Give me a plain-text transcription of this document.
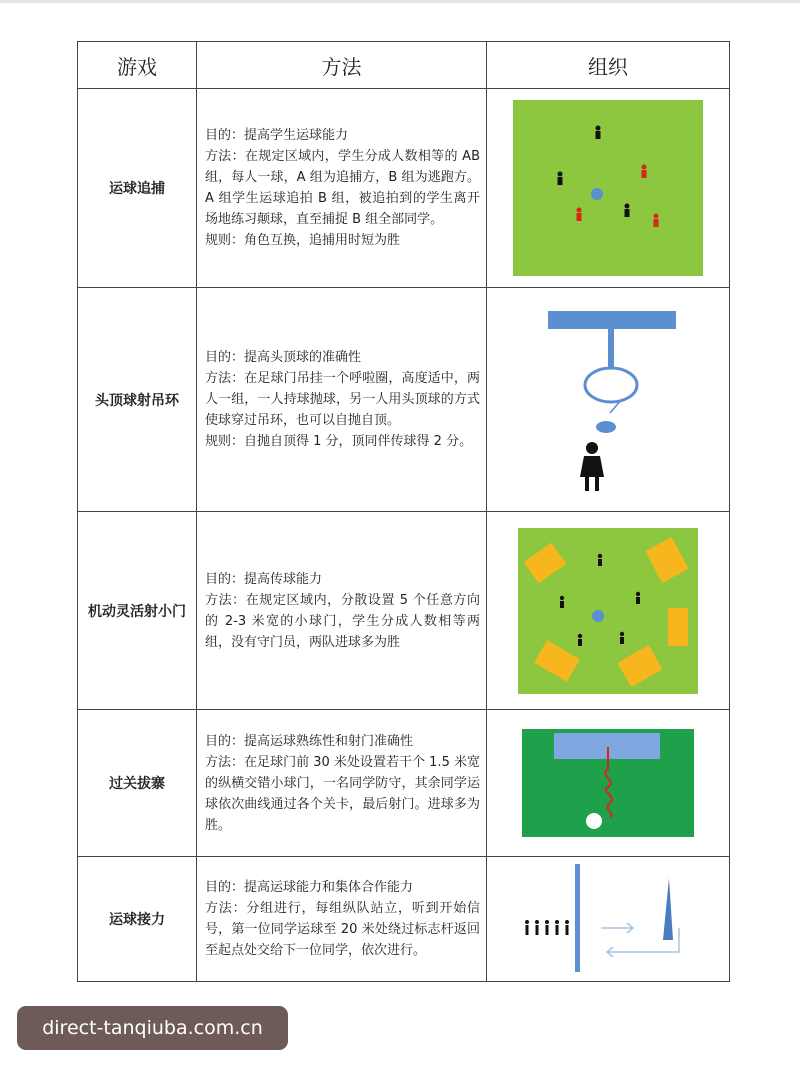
游戏	方法	组织
运球追捕	目的：提高学生运球能力

方法：在规定区域内，学生分成人数相等的 AB 组，每人一球，A 组为追捕方，B 组为逃跑方。A 组学生运球追拍 B 组，被追拍到的学生离开场地练习颠球，直至捕捉 B 组全部同学。

规则：角色互换，追捕用时短为胜

头顶球射吊环	目的：提高头顶球的准确性

方法：在足球门吊挂一个呼啦圈，高度适中，两人一组，一人持球抛球，另一人用头顶球的方式使球穿过吊环，也可以自抛自顶。

规则：自抛自顶得 1 分，顶同伴传球得 2 分。

机动灵活射小门	目的：提高传球能力

方法：在规定区域内，分散设置 5 个任意方向的 2-3 米宽的小球门，学生分成人数相等两组，没有守门员，两队进球多为胜

过关拔寨	目的：提高运球熟练性和射门准确性

方法：在足球门前 30 米处设置若干个 1.5 米宽的纵横交错小球门，一名同学防守，其余同学运球依次曲线通过各个关卡，最后射门。进球多为胜。

运球接力	目的：提高运球能力和集体合作能力

方法：分组进行，每组纵队站立，听到开始信号，第一位同学运球至 20 米处绕过标志杆返回至起点处交给下一位同学，依次进行。

direct-tanqiuba.com.cn
